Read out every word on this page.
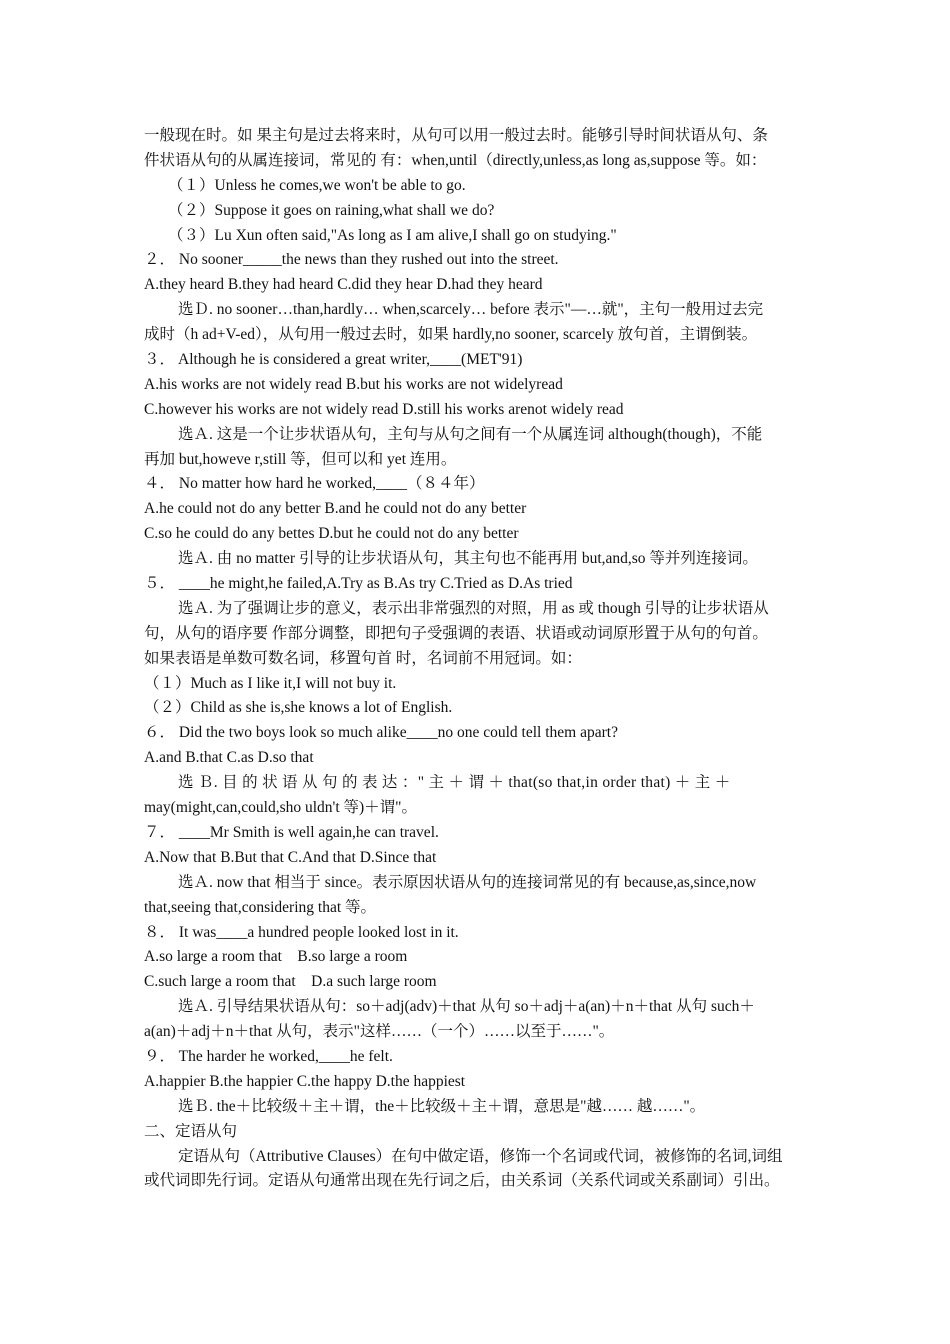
一般现在时。如 果主句是过去将来时，从句可以用一般过去时。能够引导时间状语从句、条
件状语从句的从属连接词，常见的 有：when,until（directly,unless,as long as,suppose 等。如：
（１）Unless he comes,we won't be able to go.
（２）Suppose it goes on raining,what shall we do?
（３）Lu Xun often said,"As long as I am alive,I shall go on studying."
２． No sooner_____the news than they rushed out into the street.
A.they heard B.they had heard C.did they hear D.had they heard
选Ｄ. no sooner…than,hardly… when,scarcely… before 表示"—…就"，主句一般用过去完
成时（h ad+V-ed），从句用一般过去时，如果 hardly,no sooner, scarcely 放句首，主谓倒装。
３． Although he is considered a great writer,____(MET'91)
A.his works are not widely read B.but his works are not widelyread
C.however his works are not widely read D.still his works arenot widely read
选Ａ. 这是一个让步状语从句，主句与从句之间有一个从属连词 although(though)，不能
再加 but,howeve r,still 等，但可以和 yet 连用。
４． No matter how hard he worked,____（８４年）
A.he could not do any better B.and he could not do any better
C.so he could do any bettes D.but he could not do any better
选Ａ. 由 no matter 引导的让步状语从句，其主句也不能再用 but,and,so 等并列连接词。
５． ____he might,he failed,A.Try as B.As try C.Tried as D.As tried
选Ａ. 为了强调让步的意义，表示出非常强烈的对照，用 as 或 though 引导的让步状语从
句，从句的语序要 作部分调整，即把句子受强调的表语、状语或动词原形置于从句的句首。
如果表语是单数可数名词，移置句首 时，名词前不用冠词。如：
（１）Much as I like it,I will not buy it.
（２）Child as she is,she knows a lot of English.
６． Did the two boys look so much alike____no one could tell them apart?
A.and B.that C.as D.so that
选 Ｂ. 目 的 状 语 从 句 的 表 达 ：" 主 ＋ 谓 ＋ that(so that,in order that) ＋ 主 ＋
may(might,can,could,sho uldn't 等)＋谓"。
７． ____Mr Smith is well again,he can travel.
A.Now that B.But that C.And that D.Since that
选Ａ. now that 相当于 since。表示原因状语从句的连接词常见的有 because,as,since,now
that,seeing that,considering that 等。
８． It was____a hundred people looked lost in it.
A.so large a room that    B.so large a room
C.such large a room that    D.a such large room
选Ａ. 引导结果状语从句：so＋adj(adv)＋that 从句 so＋adj＋a(an)＋n＋that 从句 such＋
a(an)＋adj＋n＋that 从句，表示"这样……（一个）……以至于……"。
９． The harder he worked,____he felt.
A.happier B.the happier C.the happy D.the happiest
选Ｂ. the＋比较级＋主＋谓，the＋比较级＋主＋谓，意思是"越…… 越……"。
二、定语从句
定语从句（Attributive Clauses）在句中做定语，修饰一个名词或代词，被修饰的名词,词组
或代词即先行词。定语从句通常出现在先行词之后，由关系词（关系代词或关系副词）引出。
